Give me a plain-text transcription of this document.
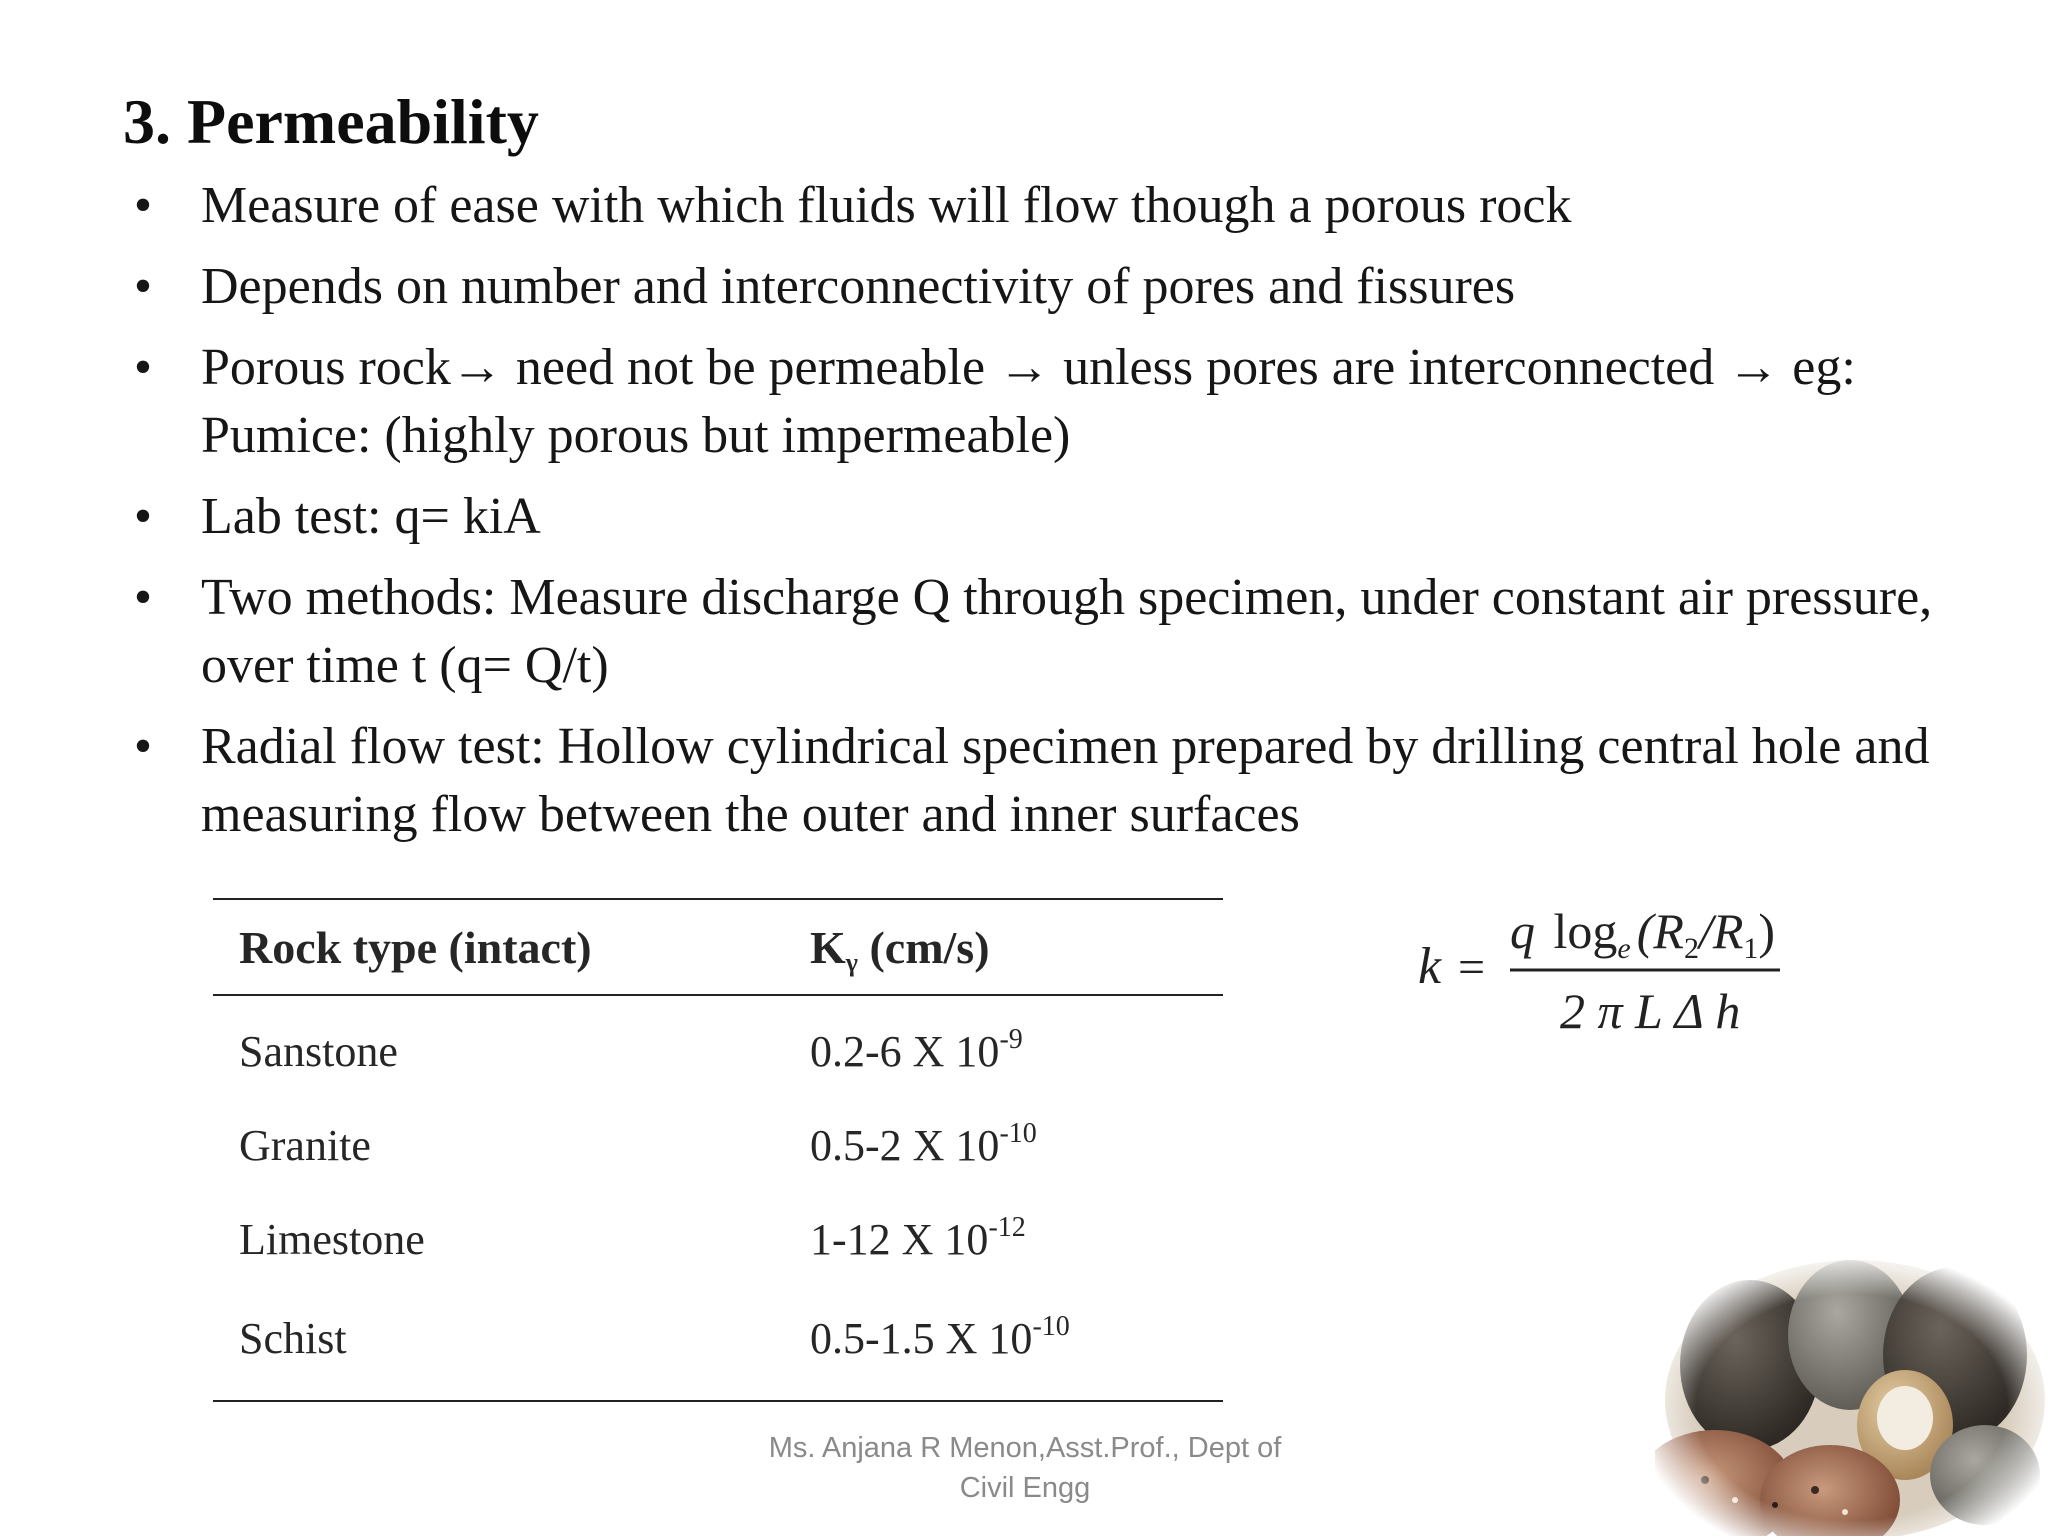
3. Permeability
• Measure of ease with which fluids will flow though a porous rock
• Depends on number and interconnectivity of pores and fissures
• Porous rock→ need not be permeable → unless pores are interconnected → eg: Pumice: (highly porous but impermeable)
• Lab test: q= kiA
• Two methods: Measure discharge Q through specimen, under constant air pressure, over time t (q= Q/t)
• Radial flow test: Hollow cylindrical specimen prepared by drilling central hole and measuring flow between the outer and inner surfaces
Rock type (intact)	$K_\gamma$ (cm/s)
Sanstone	0.2-6 X $10^{-9}$
Granite	0.5-2 X $10^{-10}$
Limestone	1-12 X $10^{-12}$
Schist	0.5-1.5 X $10^{-10}$
k =
q $\log_e (R_2/R_1)$
2 π L Δ h
Ms. Anjana R Menon,Asst.Prof., Dept of
Civil Engg
